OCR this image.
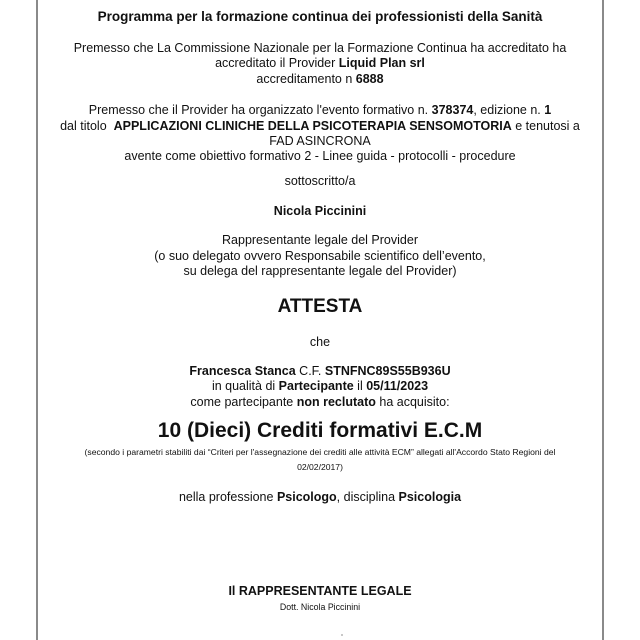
Programma per la formazione continua dei professionisti della Sanità
Premesso che La Commissione Nazionale per la Formazione Continua ha accreditato ha
accreditato il Provider Liquid Plan srl
accreditamento n 6888
Premesso che il Provider ha organizzato l'evento formativo n. 378374, edizione n. 1
dal titolo  APPLICAZIONI CLINICHE DELLA PSICOTERAPIA SENSOMOTORIA e tenutosi a
FAD ASINCRONA
avente come obiettivo formativo 2 - Linee guida - protocolli - procedure
sottoscritto/a
Nicola Piccinini
Rappresentante legale del Provider
(o suo delegato ovvero Responsabile scientifico dell’evento,
su delega del rappresentante legale del Provider)
ATTESTA
che
Francesca Stanca C.F. STNFNC89S55B936U
in qualità di Partecipante il 05/11/2023
come partecipante non reclutato ha acquisito:
10 (Dieci) Crediti formativi E.C.M
(secondo i parametri stabiliti dai “Criteri per l'assegnazione dei crediti alle attività ECM” allegati all'Accordo Stato Regioni del
02/02/2017)
nella professione Psicologo, disciplina Psicologia
Il RAPPRESENTANTE LEGALE
Dott. Nicola Piccinini
